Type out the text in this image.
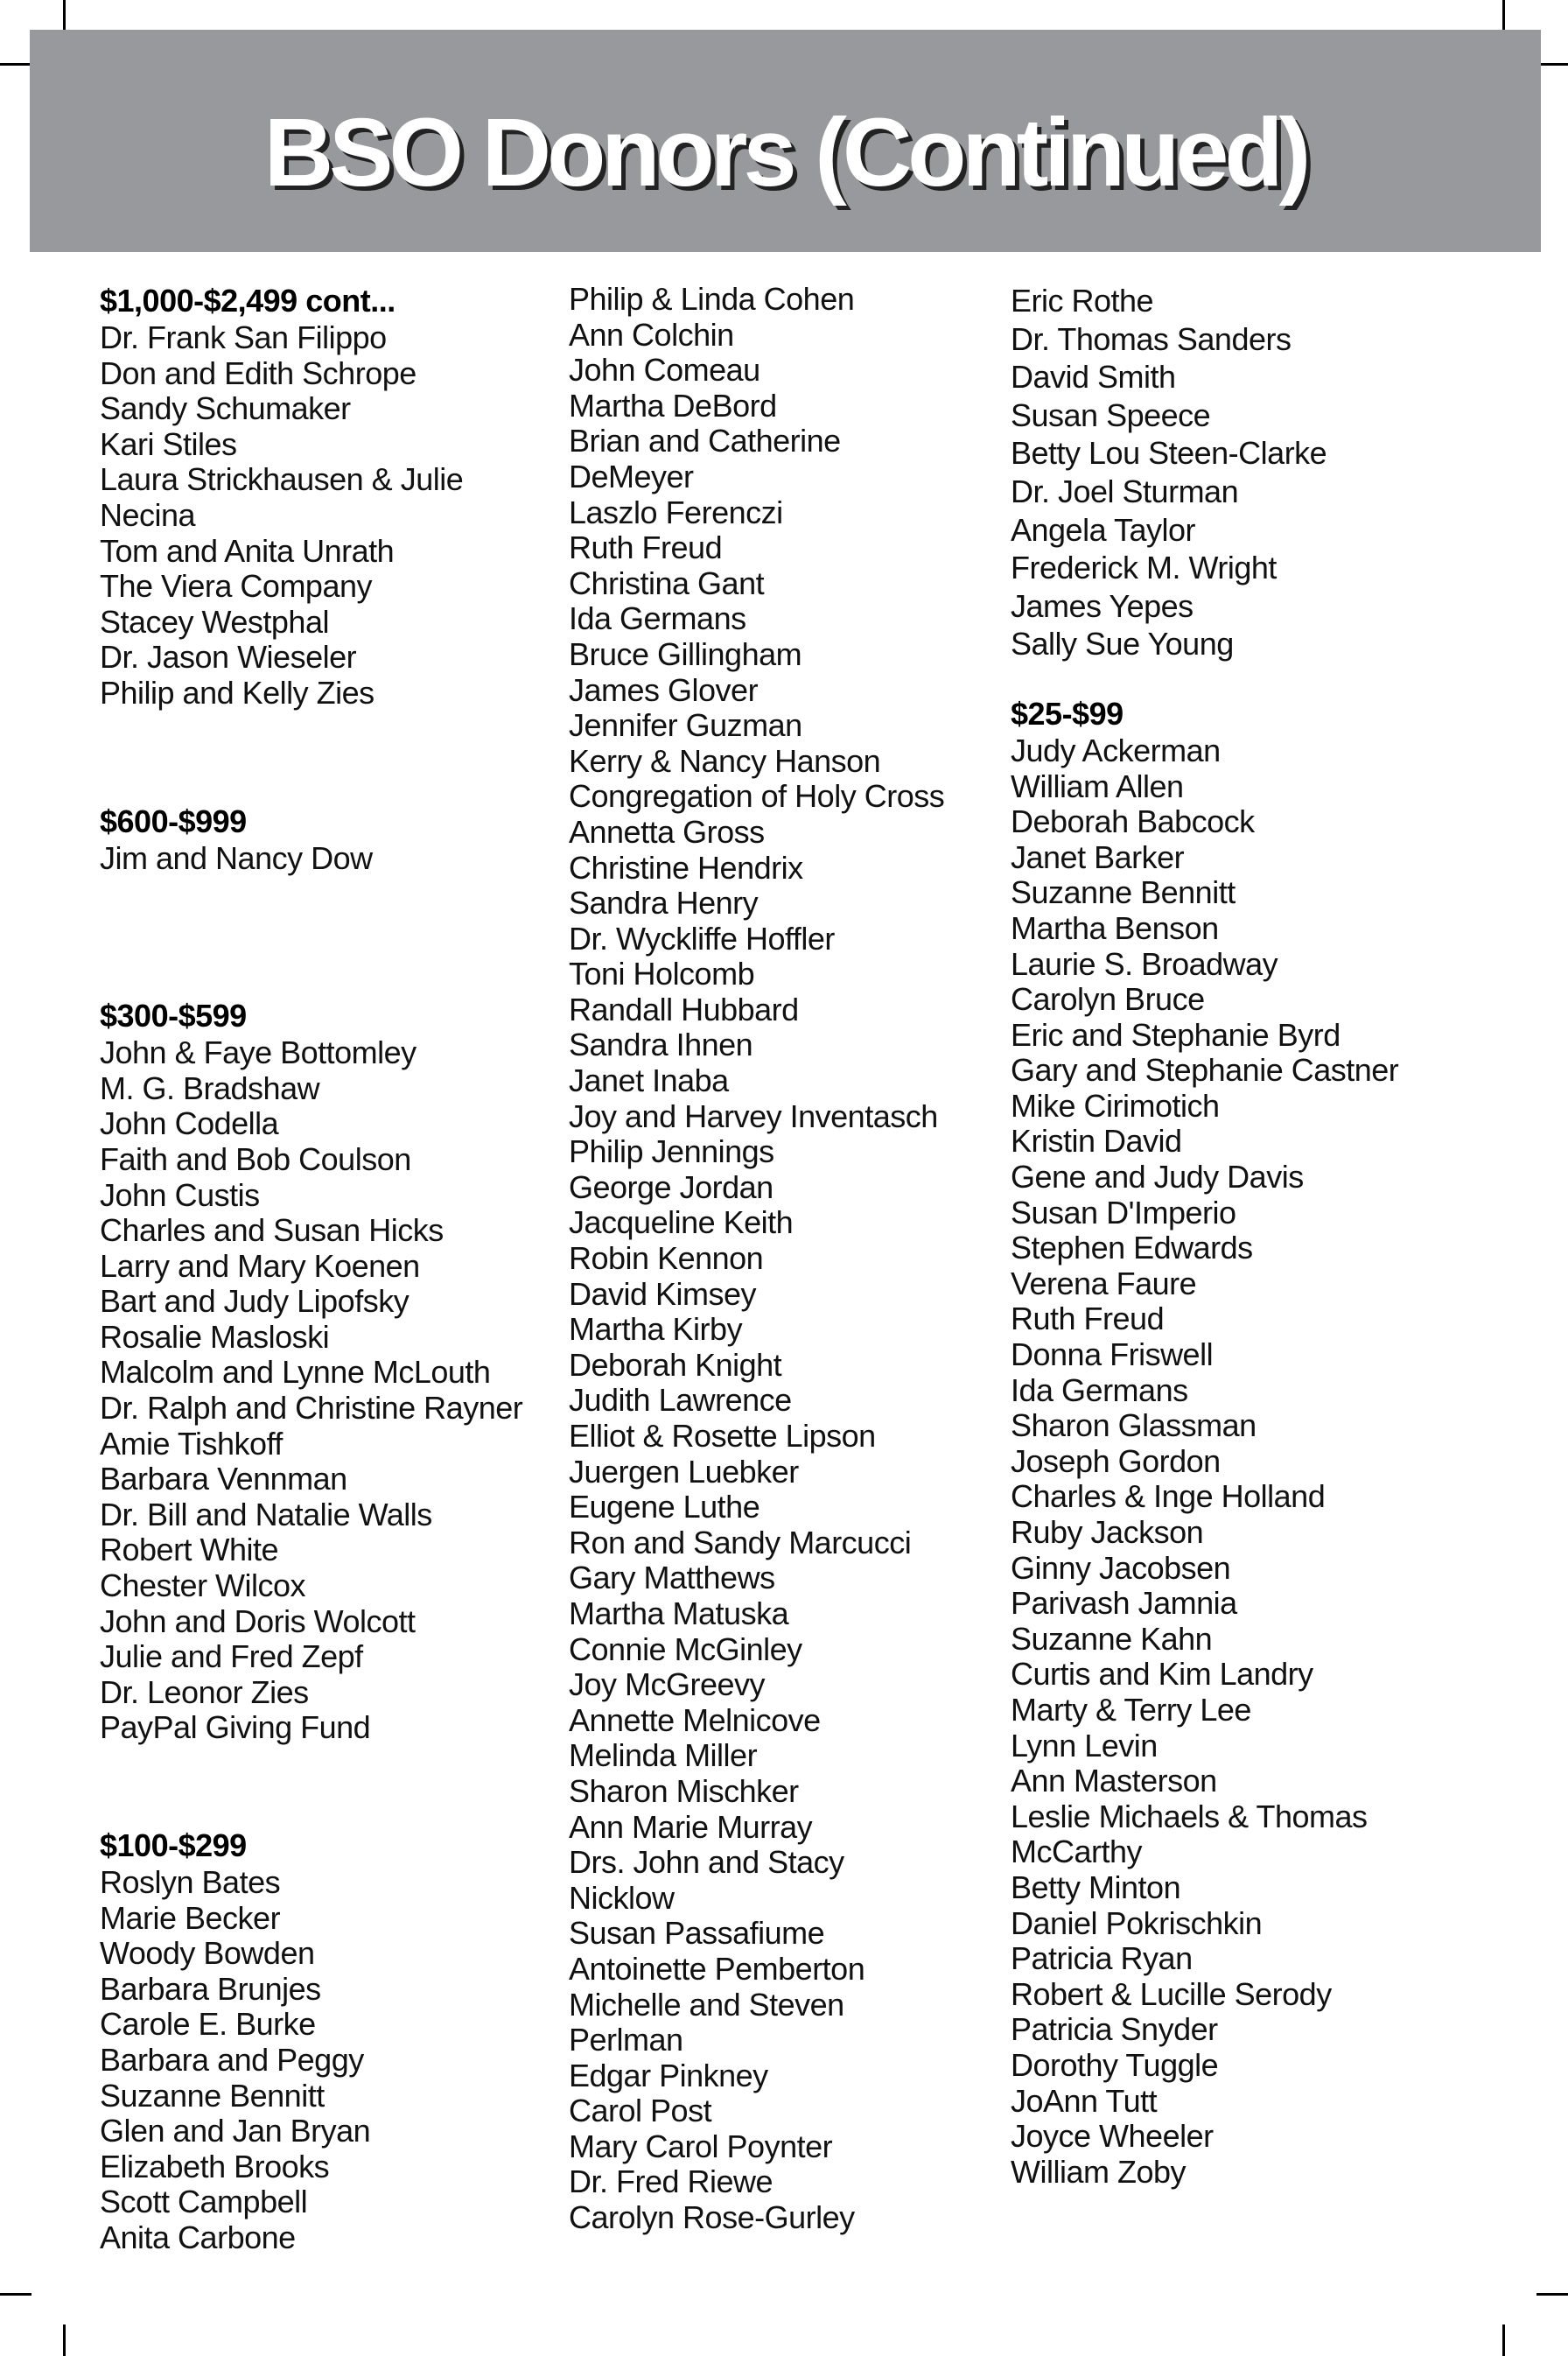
BSO Donors (Continued)
$1,000-$2,499 cont...
Dr. Frank San Filippo
Don and Edith Schrope
Sandy Schumaker
Kari Stiles
Laura Strickhausen & Julie
Necina
Tom and Anita Unrath
The Viera Company
Stacey Westphal
Dr. Jason Wieseler
Philip and Kelly Zies
$600-$999
Jim and Nancy Dow
$300-$599
John & Faye Bottomley
M. G. Bradshaw
John Codella
Faith and Bob Coulson
John Custis
Charles and Susan Hicks
Larry and Mary Koenen
Bart and Judy Lipofsky
Rosalie Masloski
Malcolm and Lynne McLouth
Dr. Ralph and Christine Rayner
Amie Tishkoff
Barbara Vennman
Dr. Bill and Natalie Walls
Robert White
Chester Wilcox
John and Doris Wolcott
Julie and Fred Zepf
Dr. Leonor Zies
PayPal Giving Fund
$100-$299
Roslyn Bates
Marie Becker
Woody Bowden
Barbara Brunjes
Carole E. Burke
Barbara and Peggy
Suzanne Bennitt
Glen and Jan Bryan
Elizabeth Brooks
Scott Campbell
Anita Carbone
Philip & Linda Cohen
Ann Colchin
John Comeau
Martha DeBord
Brian and Catherine
DeMeyer
Laszlo Ferenczi
Ruth Freud
Christina Gant
Ida Germans
Bruce Gillingham
James Glover
Jennifer Guzman
Kerry & Nancy Hanson
Congregation of Holy Cross
Annetta Gross
Christine Hendrix
Sandra Henry
Dr. Wyckliffe Hoffler
Toni Holcomb
Randall Hubbard
Sandra Ihnen
Janet Inaba
Joy and Harvey Inventasch
Philip Jennings
George Jordan
Jacqueline Keith
Robin Kennon
David Kimsey
Martha Kirby
Deborah Knight
Judith Lawrence
Elliot & Rosette Lipson
Juergen Luebker
Eugene Luthe
Ron and Sandy Marcucci
Gary Matthews
Martha Matuska
Connie McGinley
Joy McGreevy
Annette Melnicove
Melinda Miller
Sharon Mischker
Ann Marie Murray
Drs. John and Stacy
Nicklow
Susan Passafiume
Antoinette Pemberton
Michelle and Steven
Perlman
Edgar Pinkney
Carol Post
Mary Carol Poynter
Dr. Fred Riewe
Carolyn Rose-Gurley
Eric Rothe
Dr. Thomas Sanders
David Smith
Susan Speece
Betty Lou Steen-Clarke
Dr. Joel Sturman
Angela Taylor
Frederick M. Wright
James Yepes
Sally Sue Young
$25-$99
Judy Ackerman
William Allen
Deborah Babcock
Janet Barker
Suzanne Bennitt
Martha Benson
Laurie S. Broadway
Carolyn Bruce
Eric and Stephanie Byrd
Gary and Stephanie Castner
Mike Cirimotich
Kristin David
Gene and Judy Davis
Susan D'Imperio
Stephen Edwards
Verena Faure
Ruth Freud
Donna Friswell
Ida Germans
Sharon Glassman
Joseph Gordon
Charles & Inge Holland
Ruby Jackson
Ginny Jacobsen
Parivash Jamnia
Suzanne Kahn
Curtis and Kim Landry
Marty & Terry Lee
Lynn Levin
Ann Masterson
Leslie Michaels & Thomas
McCarthy
Betty Minton
Daniel Pokrischkin
Patricia Ryan
Robert & Lucille Serody
Patricia Snyder
Dorothy Tuggle
JoAnn Tutt
Joyce Wheeler
William Zoby
